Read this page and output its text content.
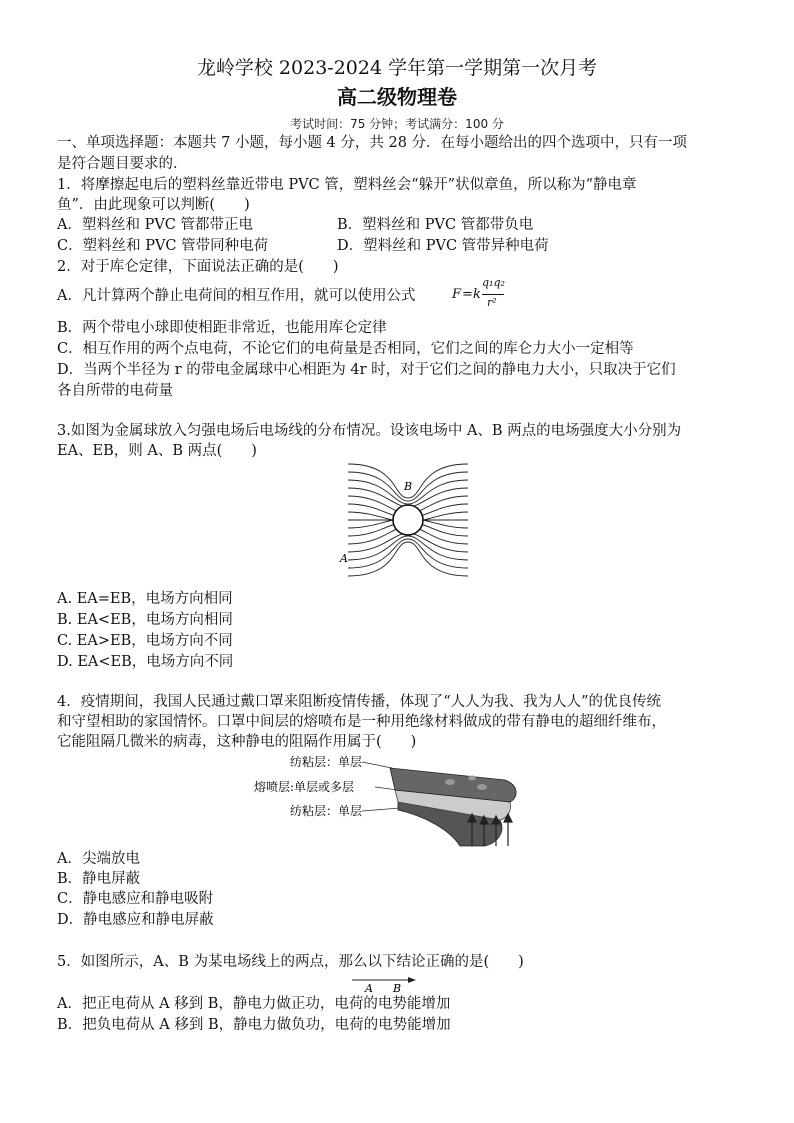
龙岭学校 2023-2024 学年第一学期第一次月考
高二级物理卷
考试时间：75 分钟；考试满分：100 分
一、单项选择题：本题共 7 小题，每小题 4 分，共 28 分．在每小题给出的四个选项中，只有一项
是符合题目要求的．
1．将摩擦起电后的塑料丝靠近带电 PVC 管，塑料丝会“躲开”状似章鱼，所以称为“静电章
鱼”．由此现象可以判断(　　)
A．塑料丝和 PVC 管都带正电	B．塑料丝和 PVC 管都带负电
C．塑料丝和 PVC 管带同种电荷	D．塑料丝和 PVC 管带异种电荷
2．对于库仑定律，下面说法正确的是(　　)
A．凡计算两个静止电荷间的相互作用，就可以使用公式	F = k
q₁q₂
r²
B．两个带电小球即使相距非常近，也能用库仑定律
C．相互作用的两个点电荷，不论它们的电荷量是否相同，它们之间的库仑力大小一定相等
D．当两个半径为 r 的带电金属球中心相距为 4r 时，对于它们之间的静电力大小，只取决于它们
各自所带的电荷量
3.如图为金属球放入匀强电场后电场线的分布情况。设该电场中 A、B 两点的电场强度大小分别为
EA、EB，则 A、B 两点(　　)
B
A
A. EA=EB，电场方向相同
B. EA<EB，电场方向相同
C. EA>EB，电场方向不同
D. EA<EB，电场方向不同
4．疫情期间，我国人民通过戴口罩来阻断疫情传播，体现了“人人为我、我为人人”的优良传统
和守望相助的家国情怀。口罩中间层的熔喷布是一种用绝缘材料做成的带有静电的超细纤维布，
它能阻隔几微米的病毒，这种静电的阻隔作用属于(　　)
纺粘层：单层
熔喷层:单层或多层
纺粘层：单层
A．尖端放电
B．静电屏蔽
C．静电感应和静电吸附
D．静电感应和静电屏蔽
5．如图所示，A、B 为某电场线上的两点，那么以下结论正确的是(　　)
A B
A．把正电荷从 A 移到 B，静电力做正功，电荷的电势能增加
B．把负电荷从 A 移到 B，静电力做负功，电荷的电势能增加
